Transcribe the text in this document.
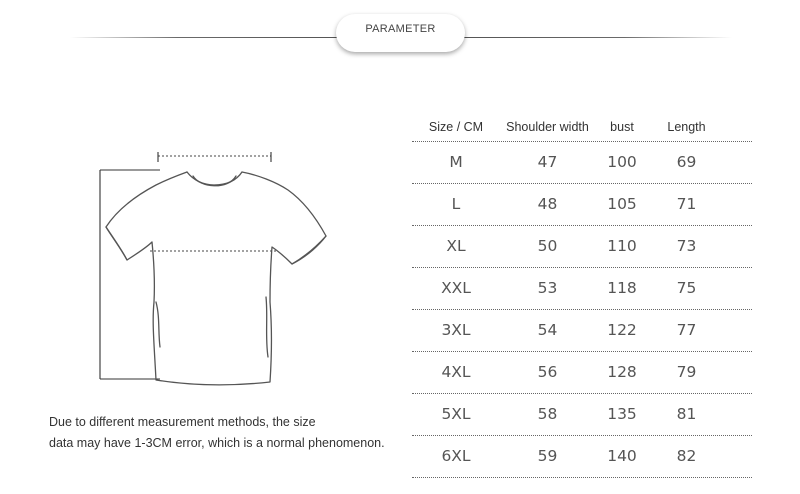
PARAMETER
Due to different measurement methods, the size
data may have 1-3CM error, which is a normal phenomenon.
Size / CM	Shoulder width	bust	Length
M	47	100	69
L	48	105	71
XL	50	110	73
XXL	53	118	75
3XL	54	122	77
4XL	56	128	79
5XL	58	135	81
6XL	59	140	82
